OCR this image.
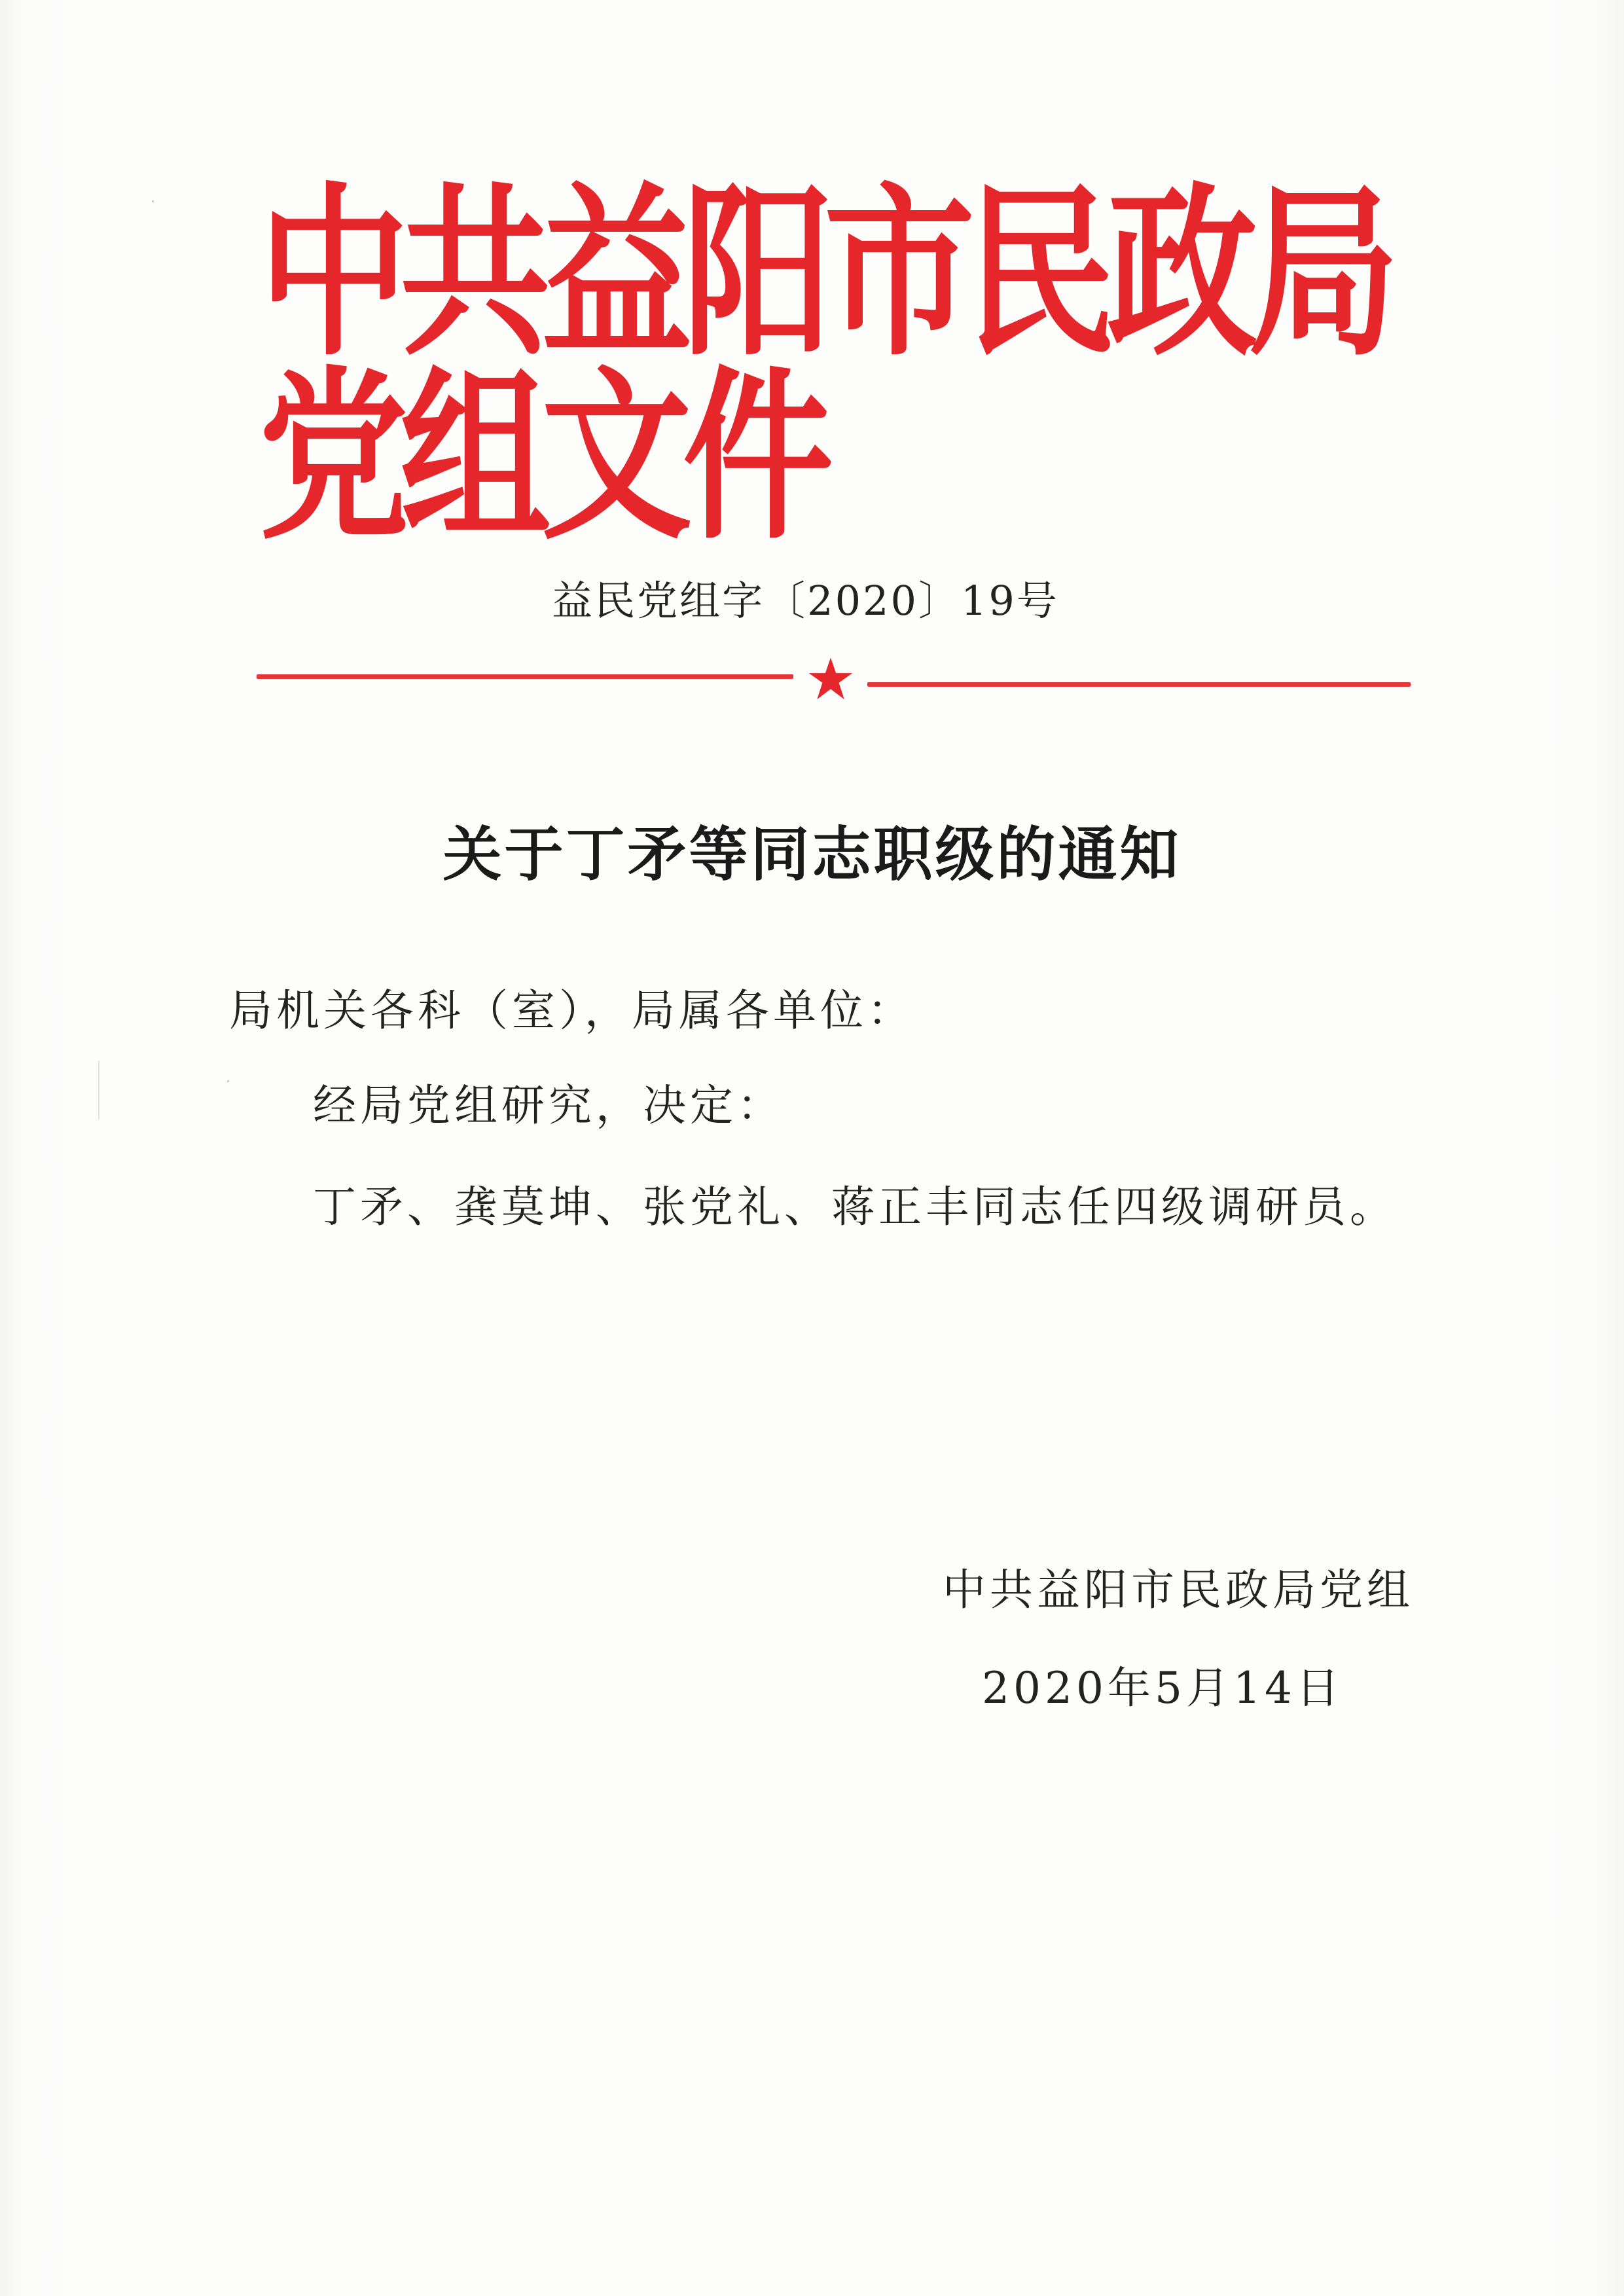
中共益阳市民政局党组文件
益民党组字〔2020〕19号
关于丁矛等同志职级的通知
局机关各科（室），局属各单位：
经局党组研究，决定：
丁矛、龚莫坤、张党礼、蒋正丰同志任四级调研员。
中共益阳市民政局党组
2020年5月14日
